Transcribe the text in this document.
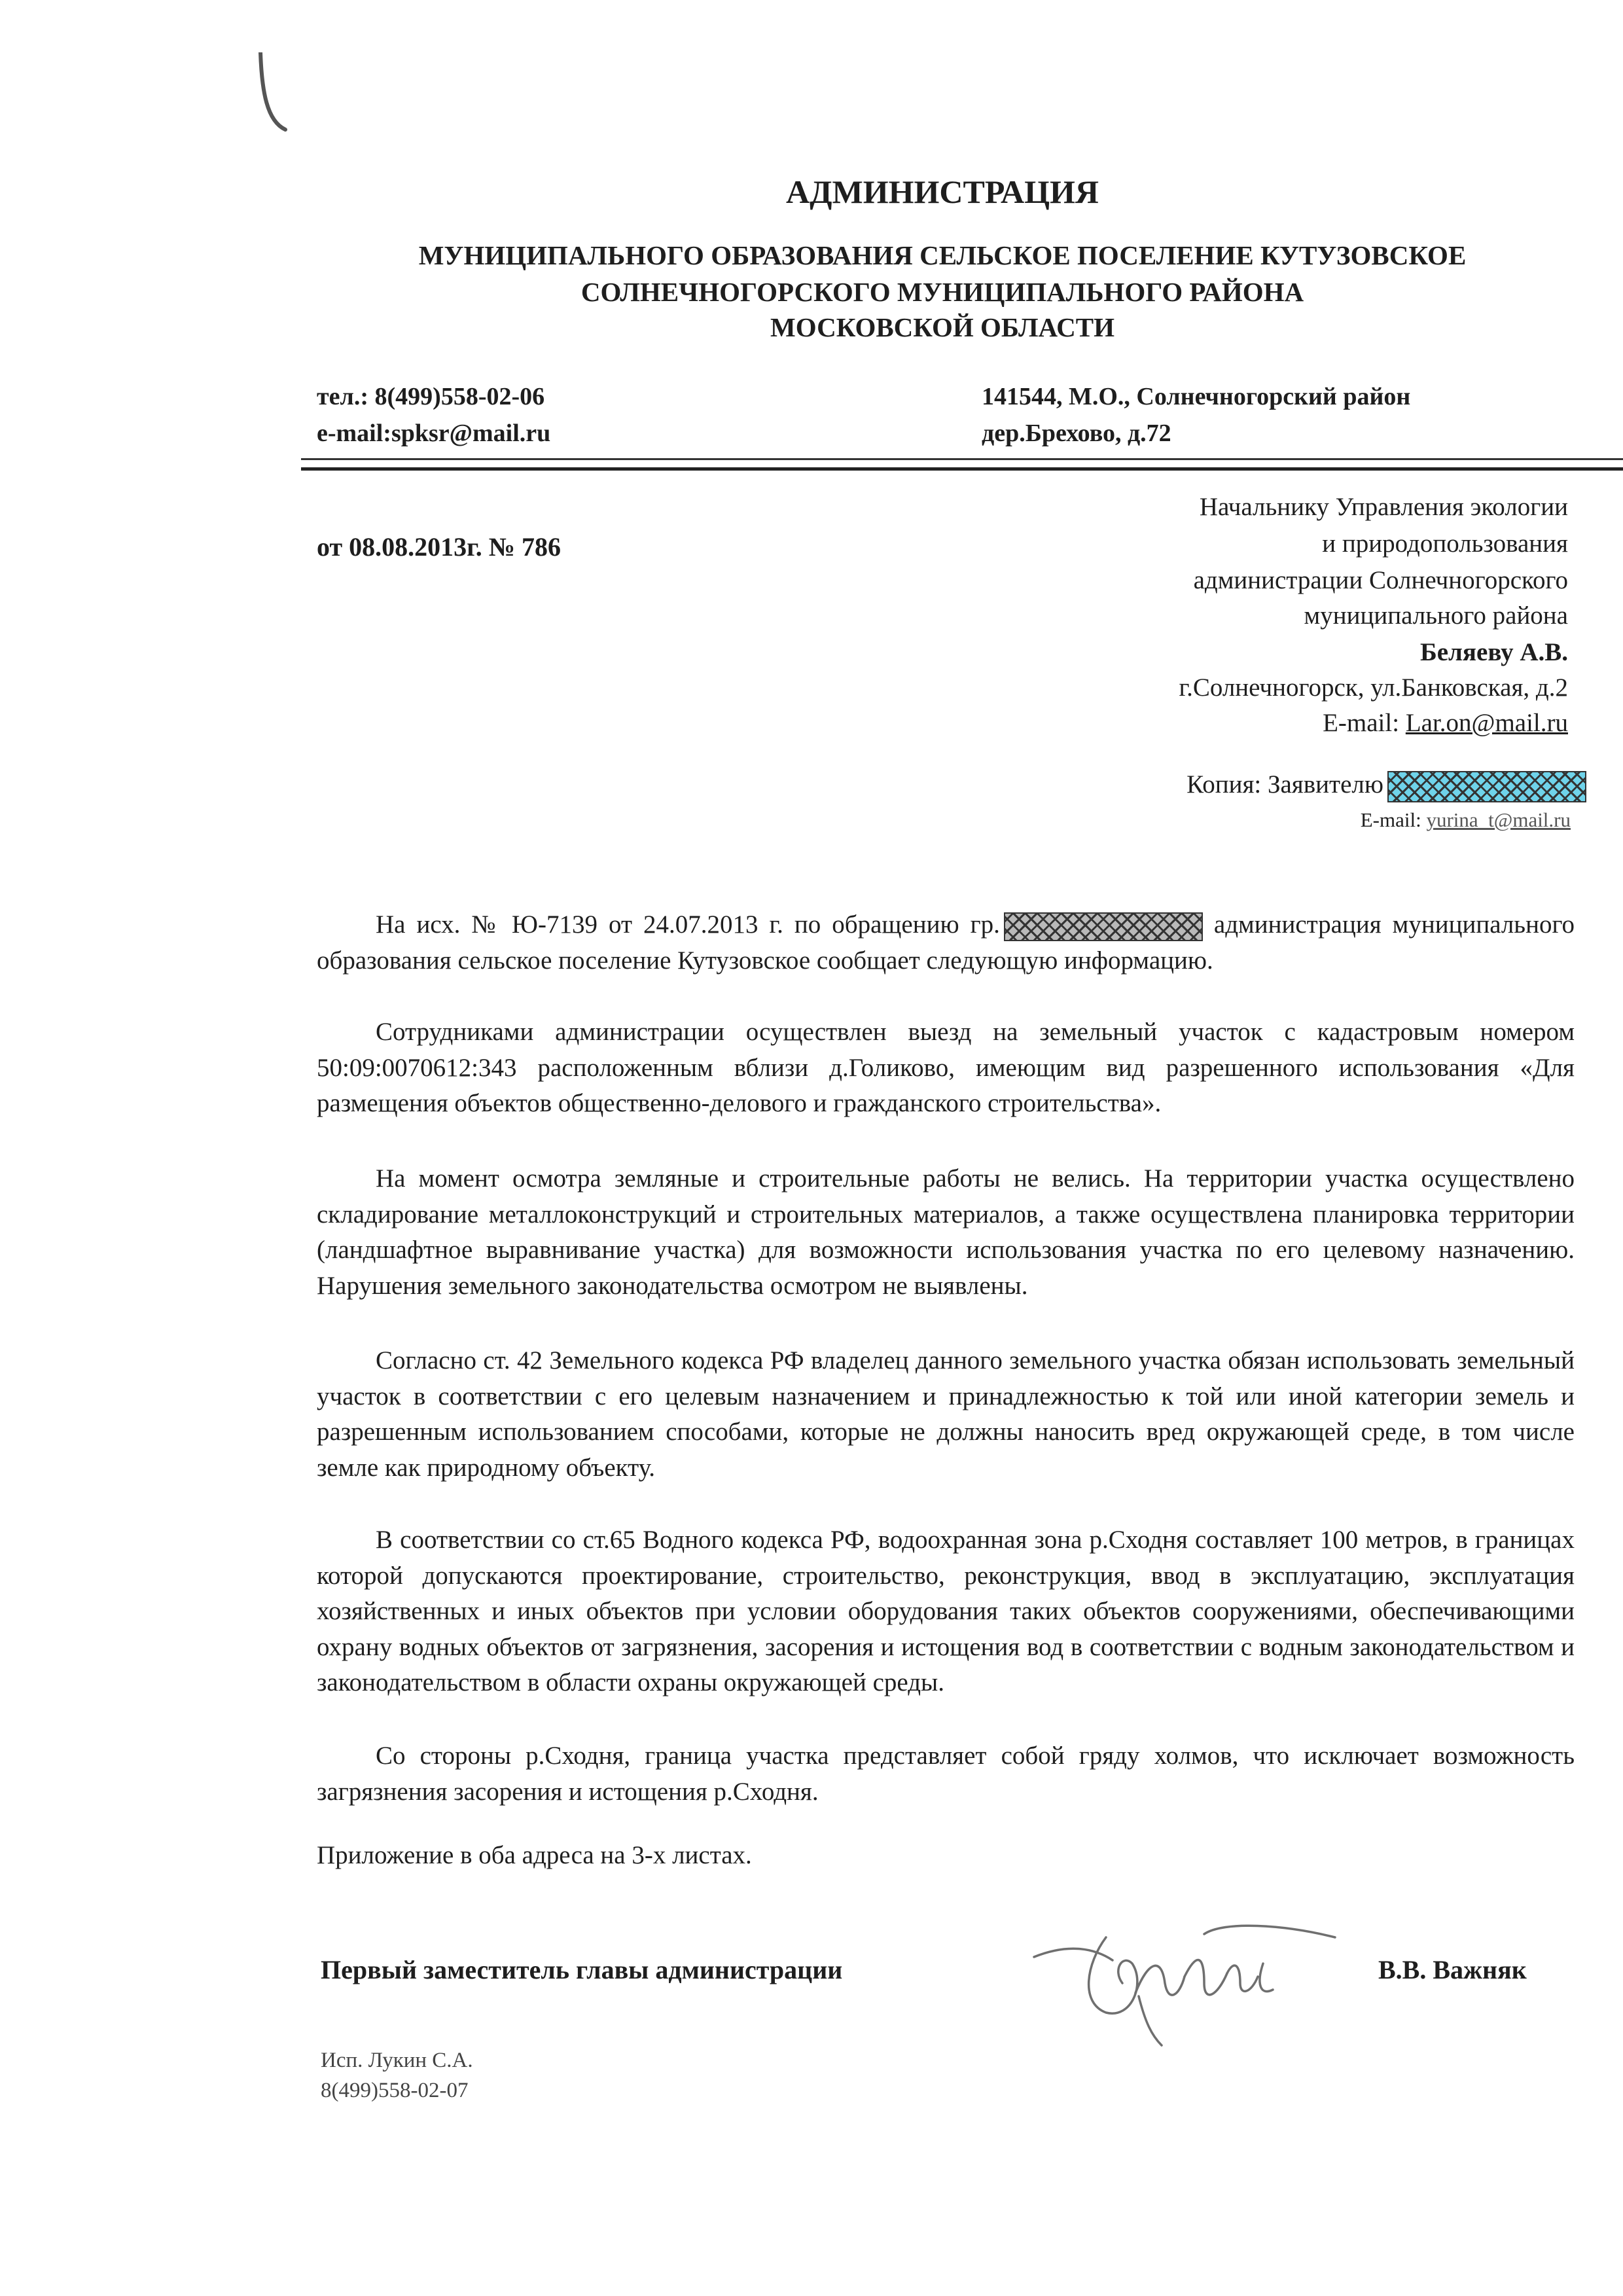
АДМИНИСТРАЦИЯ
МУНИЦИПАЛЬНОГО ОБРАЗОВАНИЯ СЕЛЬСКОЕ ПОСЕЛЕНИЕ КУТУЗОВСКОЕ
СОЛНЕЧНОГОРСКОГО МУНИЦИПАЛЬНОГО РАЙОНА
МОСКОВСКОЙ ОБЛАСТИ
тел.: 8(499)558-02-06
e-mail:spksr@mail.ru
141544, М.О., Солнечногорский район
дер.Брехово, д.72
от 08.08.2013г. № 786
Начальнику Управления экологии
и природопользования
администрации Солнечногорского
муниципального района
Беляеву А.В.
г.Солнечногорск, ул.Банковская, д.2
E-mail: Lar.on@mail.ru
Копия: Заявителю
E-mail: yurina_t@mail.ru

На исх. № Ю-7139 от 24.07.2013 г. по обращению гр.	администрация муниципального образования сельское поселение Кутузовское сообщает следующую информацию.

Сотрудниками администрации осуществлен выезд на земельный участок с кадастровым номером 50:09:0070612:343 расположенным вблизи д.Голиково, имеющим вид разрешенного использования «Для размещения объектов общественно-делового и гражданского строительства».

На момент осмотра земляные и строительные работы не велись. На территории участка осуществлено складирование металлоконструкций и строительных материалов, а также осуществлена планировка территории (ландшафтное выравнивание участка) для возможности использования участка по его целевому назначению. Нарушения земельного законодательства осмотром не выявлены.

Согласно ст. 42 Земельного кодекса РФ владелец данного земельного участка обязан использовать земельный участок в соответствии с его целевым назначением и принадлежностью к той или иной категории земель и разрешенным использованием способами, которые не должны наносить вред окружающей среде, в том числе земле как природному объекту.

В соответствии со ст.65 Водного кодекса РФ, водоохранная зона р.Сходня составляет 100 метров, в границах которой допускаются проектирование, строительство, реконструкция, ввод в эксплуатацию, эксплуатация хозяйственных и иных объектов при условии оборудования таких объектов сооружениями, обеспечивающими охрану водных объектов от загрязнения, засорения и истощения вод в соответствии с водным законодательством и законодательством в области охраны окружающей среды.

Со стороны р.Сходня, граница участка представляет собой гряду холмов, что исключает возможность загрязнения засорения и истощения р.Сходня.

Приложение в оба адреса на 3-х листах.
Первый заместитель главы администрации	В.В. Важняк
Исп. Лукин С.А.
8(499)558-02-07
